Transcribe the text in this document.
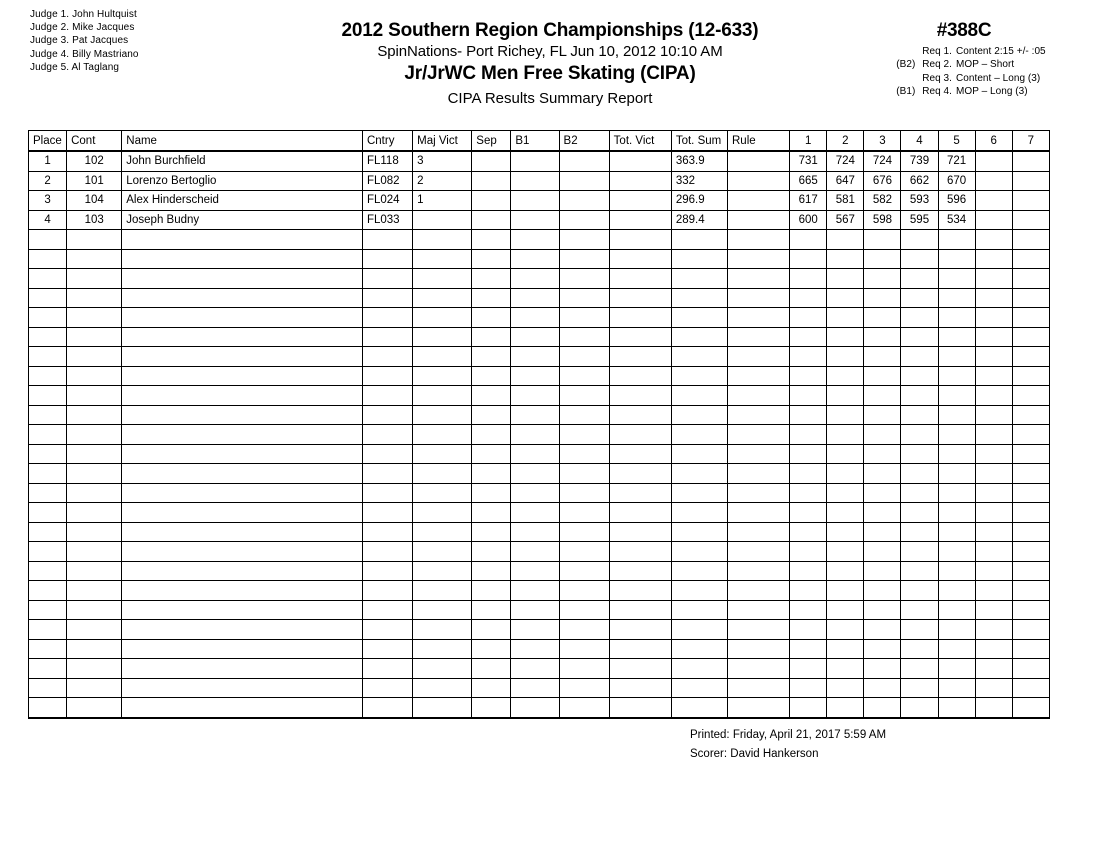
Judge 1. John Hultquist
Judge 2. Mike Jacques
Judge 3. Pat Jacques
Judge 4. Billy Mastriano
Judge 5. Al Taglang
2012 Southern Region Championships (12-633)
SpinNations- Port Richey, FL Jun 10, 2012 10:10 AM
Jr/JrWC Men Free Skating (CIPA)
CIPA Results Summary Report
#388C
Req 1. Content 2:15 +/- :05
(B2) Req 2. MOP – Short
Req 3. Content – Long (3)
(B1) Req 4. MOP – Long (3)
Place	Cont	Name	Cntry	Maj Vict	Sep	B1	B2	Tot. Vict	Tot. Sum	Rule	1	2	3	4	5	6	7
1	102	John Burchfield	FL118	3					363.9		731	724	724	739	721		
2	101	Lorenzo Bertoglio	FL082	2					332		665	647	676	662	670		
3	104	Alex Hinderscheid	FL024	1					296.9		617	581	582	593	596		
4	103	Joseph Budny	FL033						289.4		600	567	598	595	534		

Printed: Friday, April 21, 2017 5:59 AM
Scorer: David Hankerson
